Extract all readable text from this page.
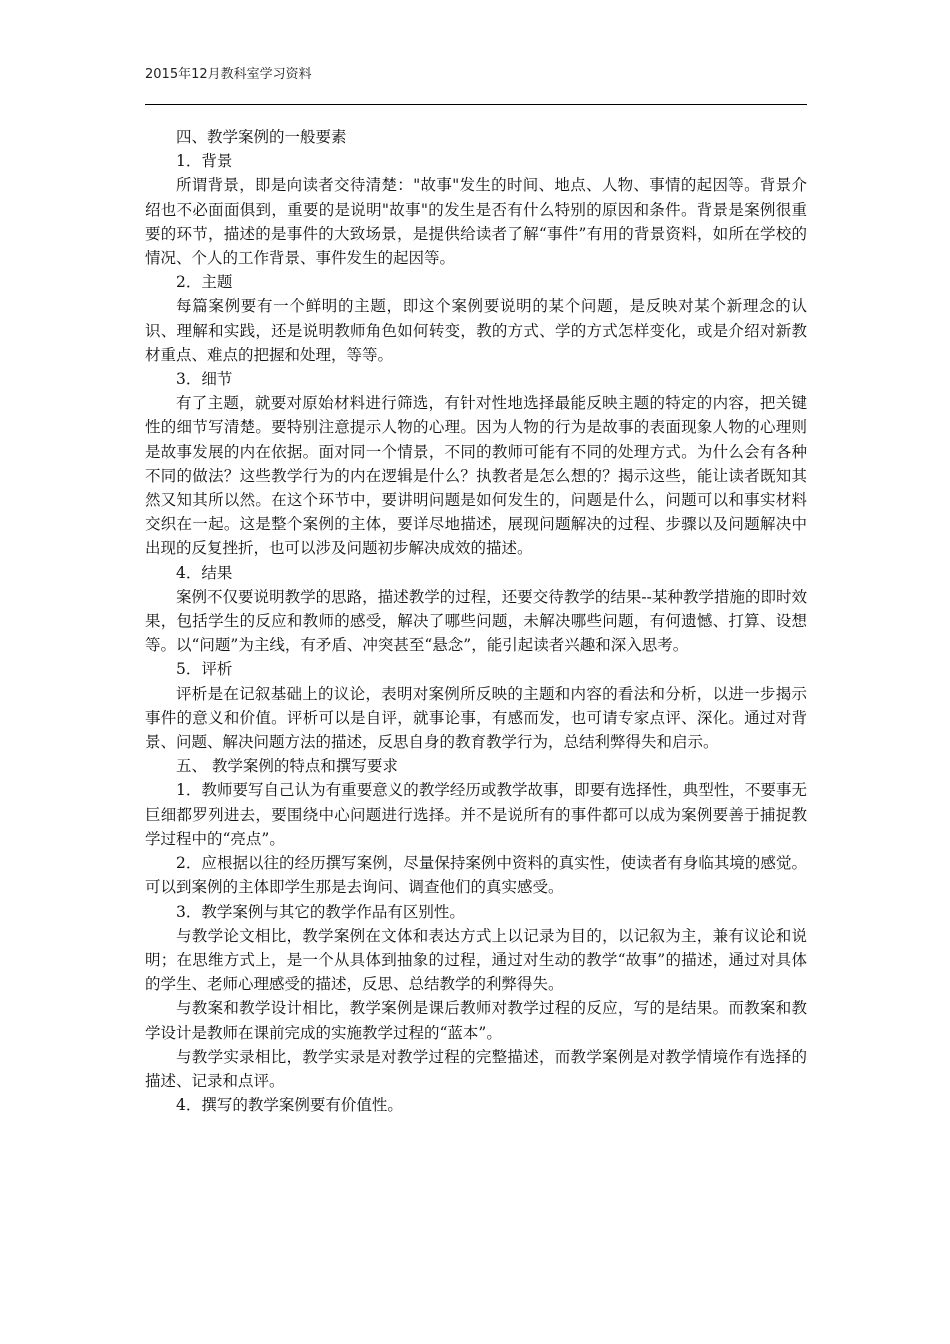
2015年12月教科室学习资料

四、教学案例的一般要素

1．背景

所谓背景，即是向读者交待清楚："故事"发生的时间、地点、人物、事情的起因等。背景介绍也不必面面俱到，重要的是说明"故事"的发生是否有什么特别的原因和条件。背景是案例很重要的环节，描述的是事件的大致场景，是提供给读者了解“事件”有用的背景资料，如所在学校的情况、个人的工作背景、事件发生的起因等。

2．主题

每篇案例要有一个鲜明的主题，即这个案例要说明的某个问题，是反映对某个新理念的认识、理解和实践，还是说明教师角色如何转变，教的方式、学的方式怎样变化，或是介绍对新教材重点、难点的把握和处理，等等。

3．细节

有了主题，就要对原始材料进行筛选，有针对性地选择最能反映主题的特定的内容，把关键性的细节写清楚。要特别注意提示人物的心理。因为人物的行为是故事的表面现象人物的心理则是故事发展的内在依据。面对同一个情景，不同的教师可能有不同的处理方式。为什么会有各种不同的做法？这些教学行为的内在逻辑是什么？执教者是怎么想的？揭示这些，能让读者既知其然又知其所以然。在这个环节中，要讲明问题是如何发生的，问题是什么，问题可以和事实材料交织在一起。这是整个案例的主体，要详尽地描述，展现问题解决的过程、步骤以及问题解决中出现的反复挫折，也可以涉及问题初步解决成效的描述。

4．结果

案例不仅要说明教学的思路，描述教学的过程，还要交待教学的结果--某种教学措施的即时效果，包括学生的反应和教师的感受，解决了哪些问题，未解决哪些问题，有何遗憾、打算、设想等。以“问题”为主线，有矛盾、冲突甚至“悬念”，能引起读者兴趣和深入思考。

5．评析

评析是在记叙基础上的议论，表明对案例所反映的主题和内容的看法和分析，以进一步揭示事件的意义和价值。评析可以是自评，就事论事，有感而发，也可请专家点评、深化。通过对背景、问题、解决问题方法的描述，反思自身的教育教学行为，总结利弊得失和启示。

五、 教学案例的特点和撰写要求

1．教师要写自己认为有重要意义的教学经历或教学故事，即要有选择性，典型性，不要事无巨细都罗列进去，要围绕中心问题进行选择。并不是说所有的事件都可以成为案例要善于捕捉教学过程中的“亮点”。

2．应根据以往的经历撰写案例，尽量保持案例中资料的真实性，使读者有身临其境的感觉。可以到案例的主体即学生那是去询问、调查他们的真实感受。

3．教学案例与其它的教学作品有区别性。

与教学论文相比，教学案例在文体和表达方式上以记录为目的，以记叙为主，兼有议论和说明；在思维方式上，是一个从具体到抽象的过程，通过对生动的教学“故事”的描述，通过对具体的学生、老师心理感受的描述，反思、总结教学的利弊得失。

与教案和教学设计相比，教学案例是课后教师对教学过程的反应，写的是结果。而教案和教学设计是教师在课前完成的实施教学过程的“蓝本”。

与教学实录相比，教学实录是对教学过程的完整描述，而教学案例是对教学情境作有选择的描述、记录和点评。

4．撰写的教学案例要有价值性。
